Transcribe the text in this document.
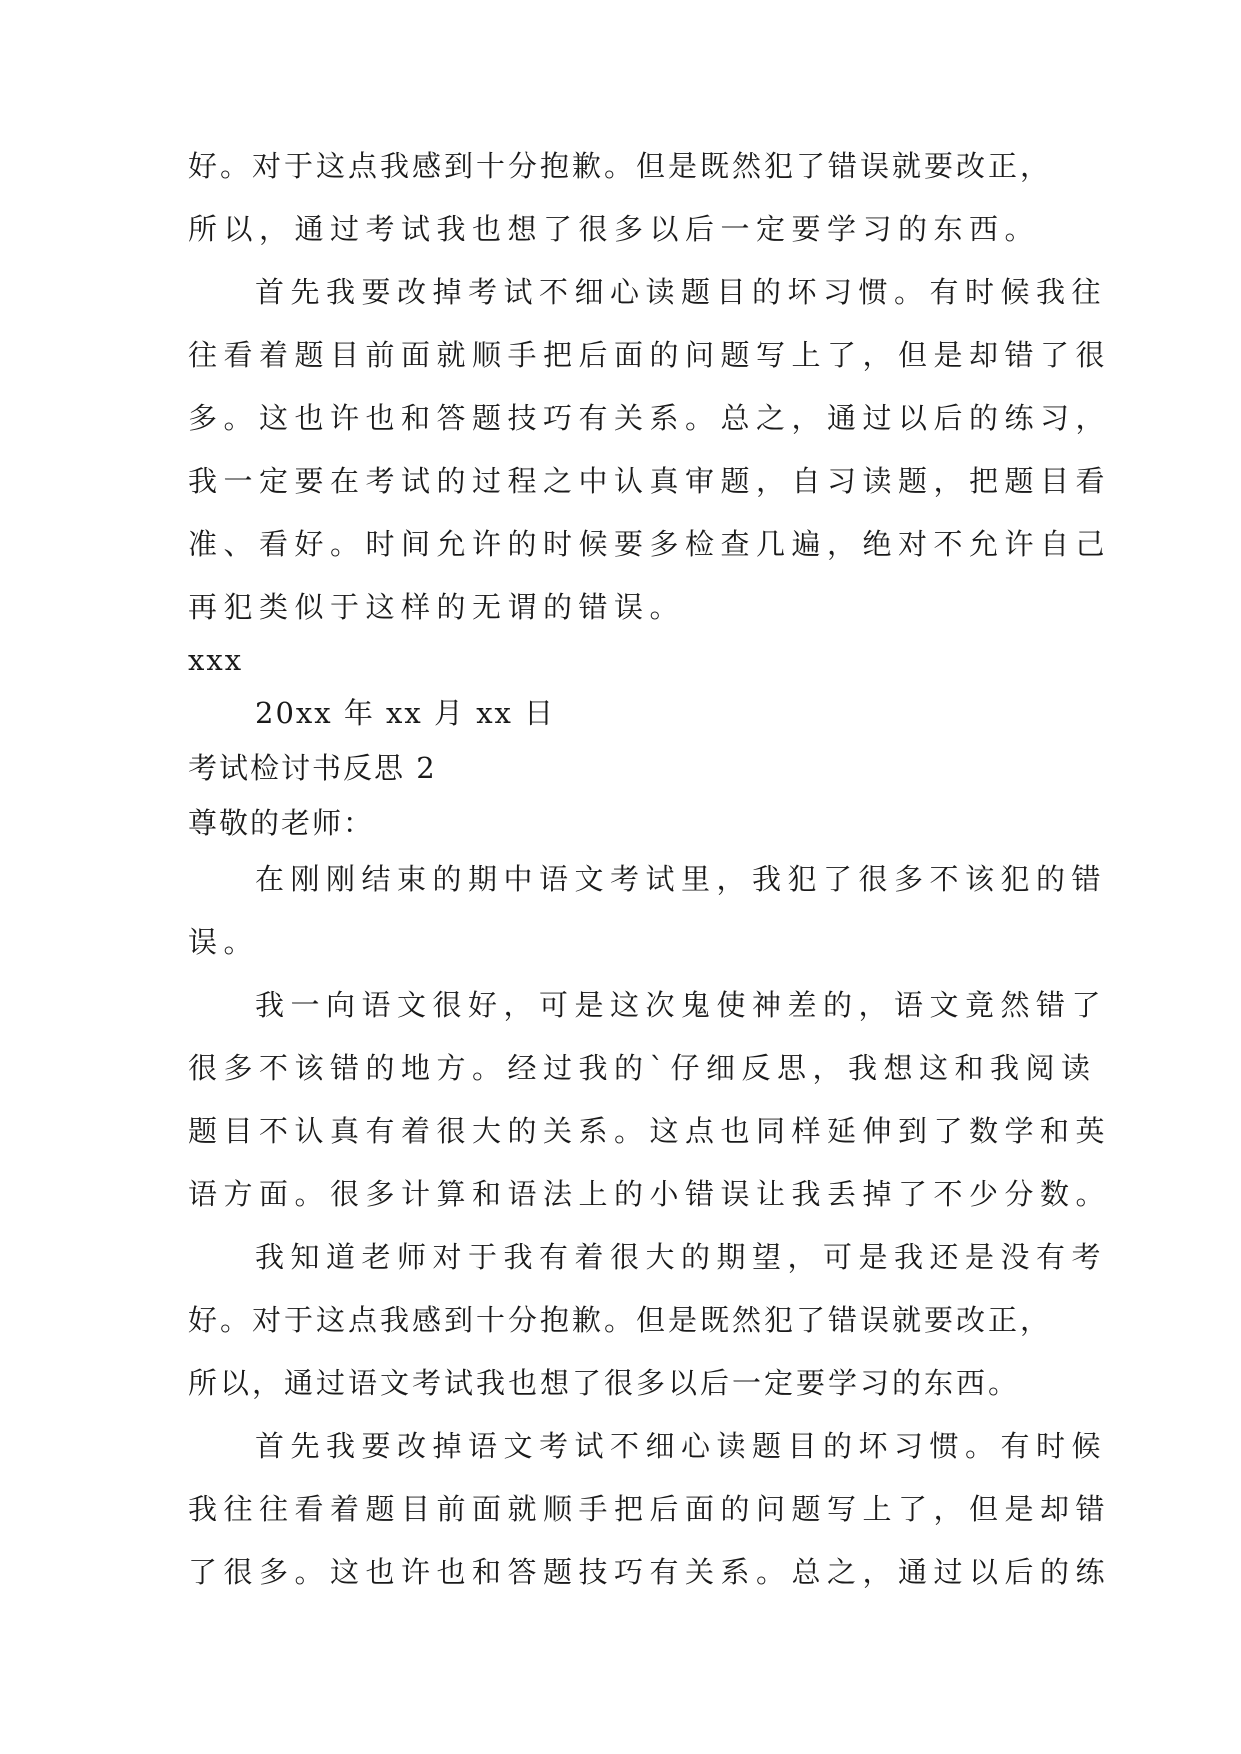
好。对于这点我感到十分抱歉。但是既然犯了错误就要改正，
所以，通过考试我也想了很多以后一定要学习的东西。
首先我要改掉考试不细心读题目的坏习惯。有时候我往
往看着题目前面就顺手把后面的问题写上了，但是却错了很
多。这也许也和答题技巧有关系。总之，通过以后的练习，
我一定要在考试的过程之中认真审题，自习读题，把题目看
准、看好。时间允许的时候要多检查几遍，绝对不允许自己
再犯类似于这样的无谓的错误。
xxx
20xx 年 xx 月 xx 日
考试检讨书反思 2
尊敬的老师：
在刚刚结束的期中语文考试里，我犯了很多不该犯的错
误。
我一向语文很好，可是这次鬼使神差的，语文竟然错了
很多不该错的地方。经过我的`仔细反思，我想这和我阅读
题目不认真有着很大的关系。这点也同样延伸到了数学和英
语方面。很多计算和语法上的小错误让我丢掉了不少分数。
我知道老师对于我有着很大的期望，可是我还是没有考
好。对于这点我感到十分抱歉。但是既然犯了错误就要改正，
所以，通过语文考试我也想了很多以后一定要学习的东西。
首先我要改掉语文考试不细心读题目的坏习惯。有时候
我往往看着题目前面就顺手把后面的问题写上了，但是却错
了很多。这也许也和答题技巧有关系。总之，通过以后的练
